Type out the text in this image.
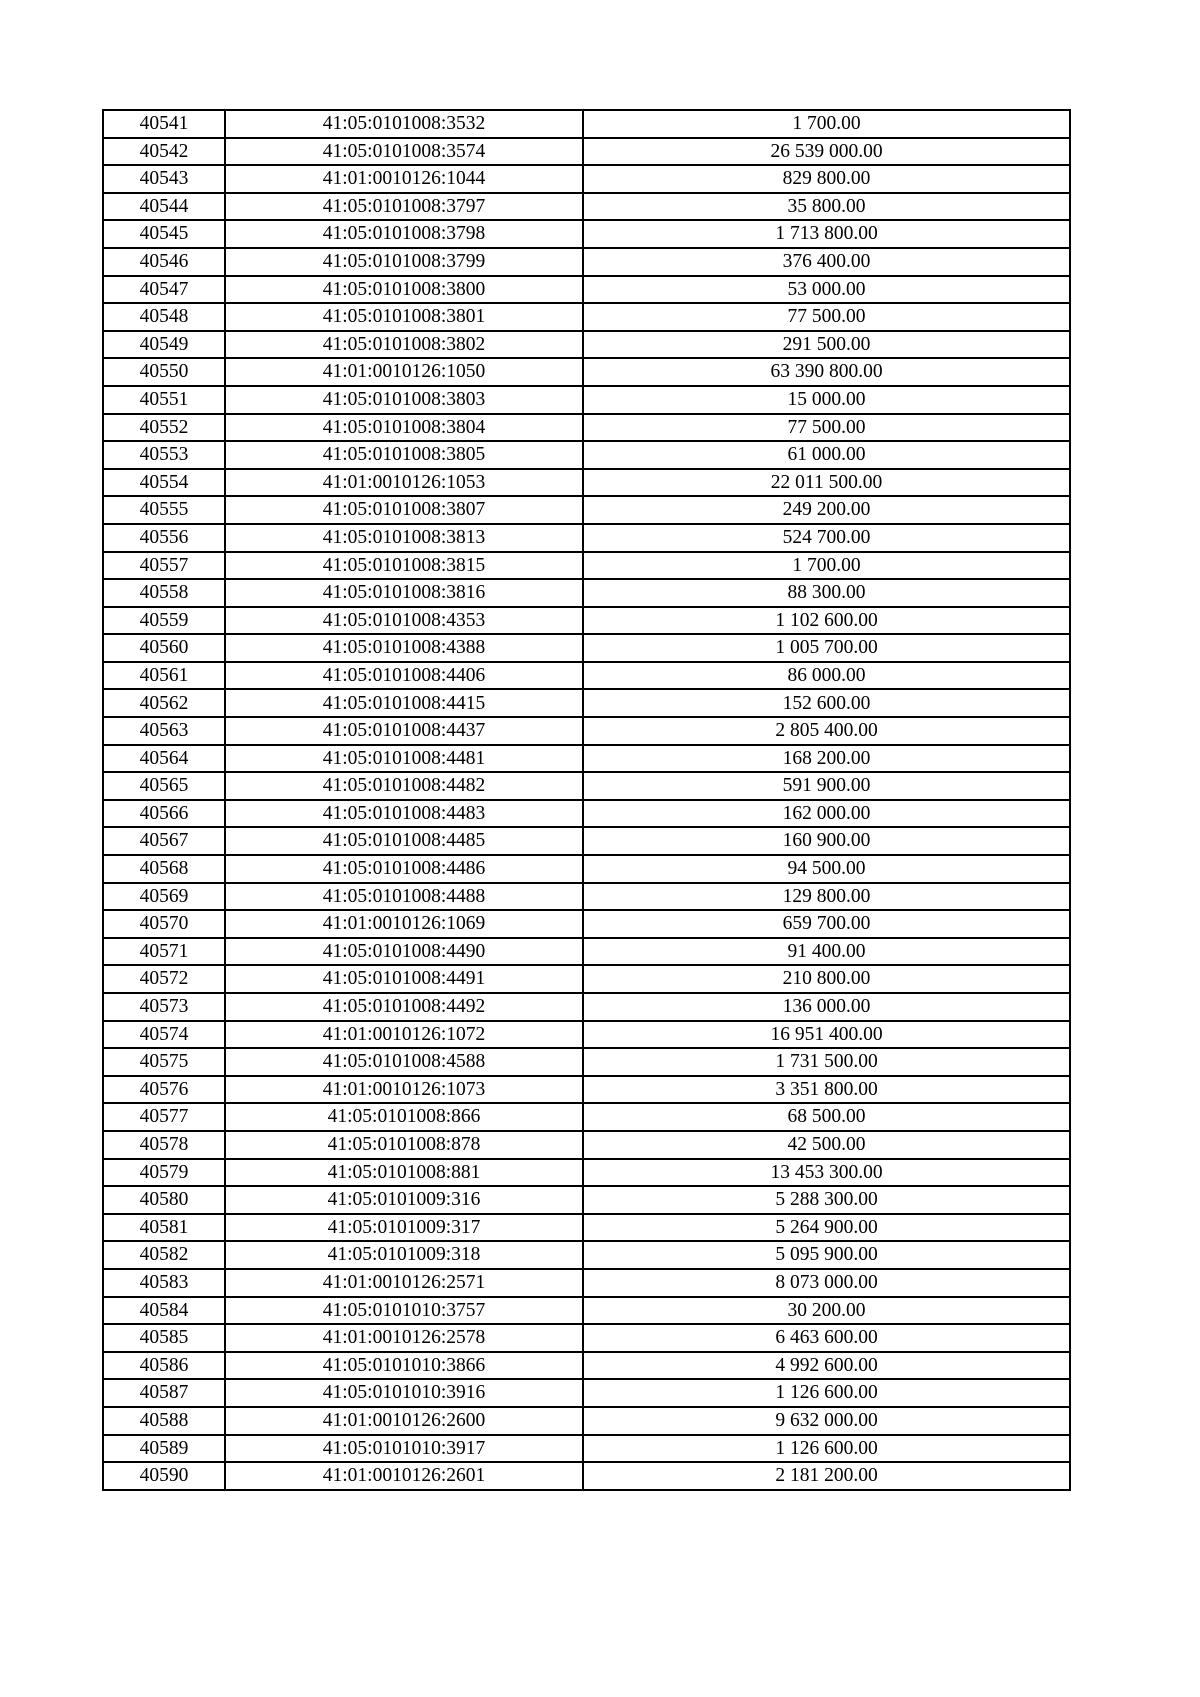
40541	41:05:0101008:3532	1 700.00
40542	41:05:0101008:3574	26 539 000.00
40543	41:01:0010126:1044	829 800.00
40544	41:05:0101008:3797	35 800.00
40545	41:05:0101008:3798	1 713 800.00
40546	41:05:0101008:3799	376 400.00
40547	41:05:0101008:3800	53 000.00
40548	41:05:0101008:3801	77 500.00
40549	41:05:0101008:3802	291 500.00
40550	41:01:0010126:1050	63 390 800.00
40551	41:05:0101008:3803	15 000.00
40552	41:05:0101008:3804	77 500.00
40553	41:05:0101008:3805	61 000.00
40554	41:01:0010126:1053	22 011 500.00
40555	41:05:0101008:3807	249 200.00
40556	41:05:0101008:3813	524 700.00
40557	41:05:0101008:3815	1 700.00
40558	41:05:0101008:3816	88 300.00
40559	41:05:0101008:4353	1 102 600.00
40560	41:05:0101008:4388	1 005 700.00
40561	41:05:0101008:4406	86 000.00
40562	41:05:0101008:4415	152 600.00
40563	41:05:0101008:4437	2 805 400.00
40564	41:05:0101008:4481	168 200.00
40565	41:05:0101008:4482	591 900.00
40566	41:05:0101008:4483	162 000.00
40567	41:05:0101008:4485	160 900.00
40568	41:05:0101008:4486	94 500.00
40569	41:05:0101008:4488	129 800.00
40570	41:01:0010126:1069	659 700.00
40571	41:05:0101008:4490	91 400.00
40572	41:05:0101008:4491	210 800.00
40573	41:05:0101008:4492	136 000.00
40574	41:01:0010126:1072	16 951 400.00
40575	41:05:0101008:4588	1 731 500.00
40576	41:01:0010126:1073	3 351 800.00
40577	41:05:0101008:866	68 500.00
40578	41:05:0101008:878	42 500.00
40579	41:05:0101008:881	13 453 300.00
40580	41:05:0101009:316	5 288 300.00
40581	41:05:0101009:317	5 264 900.00
40582	41:05:0101009:318	5 095 900.00
40583	41:01:0010126:2571	8 073 000.00
40584	41:05:0101010:3757	30 200.00
40585	41:01:0010126:2578	6 463 600.00
40586	41:05:0101010:3866	4 992 600.00
40587	41:05:0101010:3916	1 126 600.00
40588	41:01:0010126:2600	9 632 000.00
40589	41:05:0101010:3917	1 126 600.00
40590	41:01:0010126:2601	2 181 200.00
